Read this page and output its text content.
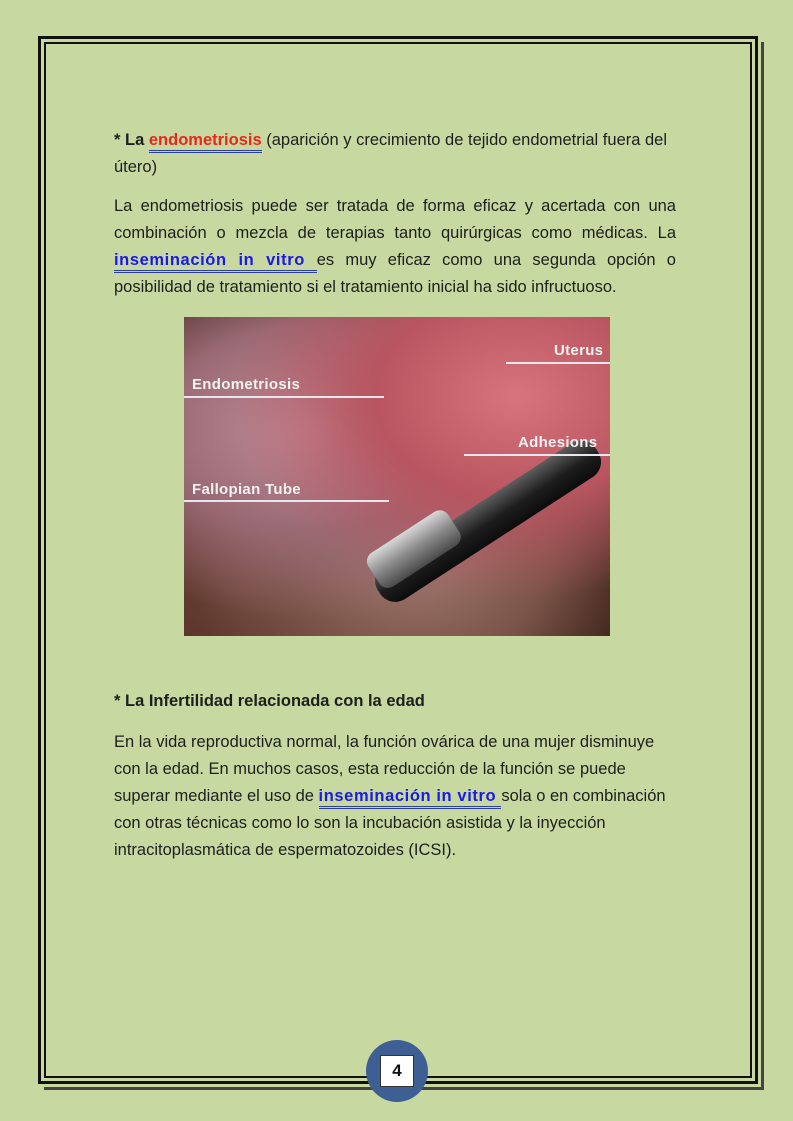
* La endometriosis (aparición y crecimiento de tejido endometrial fuera del útero)

La endometriosis puede ser tratada de forma eficaz y acertada con una combinación o mezcla de terapias tanto quirúrgicas como médicas. La inseminación in vitro es muy eficaz como una segunda opción o posibilidad de tratamiento si el tratamiento inicial ha sido infructuoso.

Uterus
Endometriosis
Adhesions
Fallopian Tube

* La Infertilidad relacionada con la edad

En la vida reproductiva normal, la función ovárica de una mujer disminuye con la edad. En muchos casos, esta reducción de la función se puede superar mediante el uso de inseminación in vitro sola o en combinación con otras técnicas como lo son la incubación asistida y la inyección intracitoplasmática de espermatozoides (ICSI).

4
